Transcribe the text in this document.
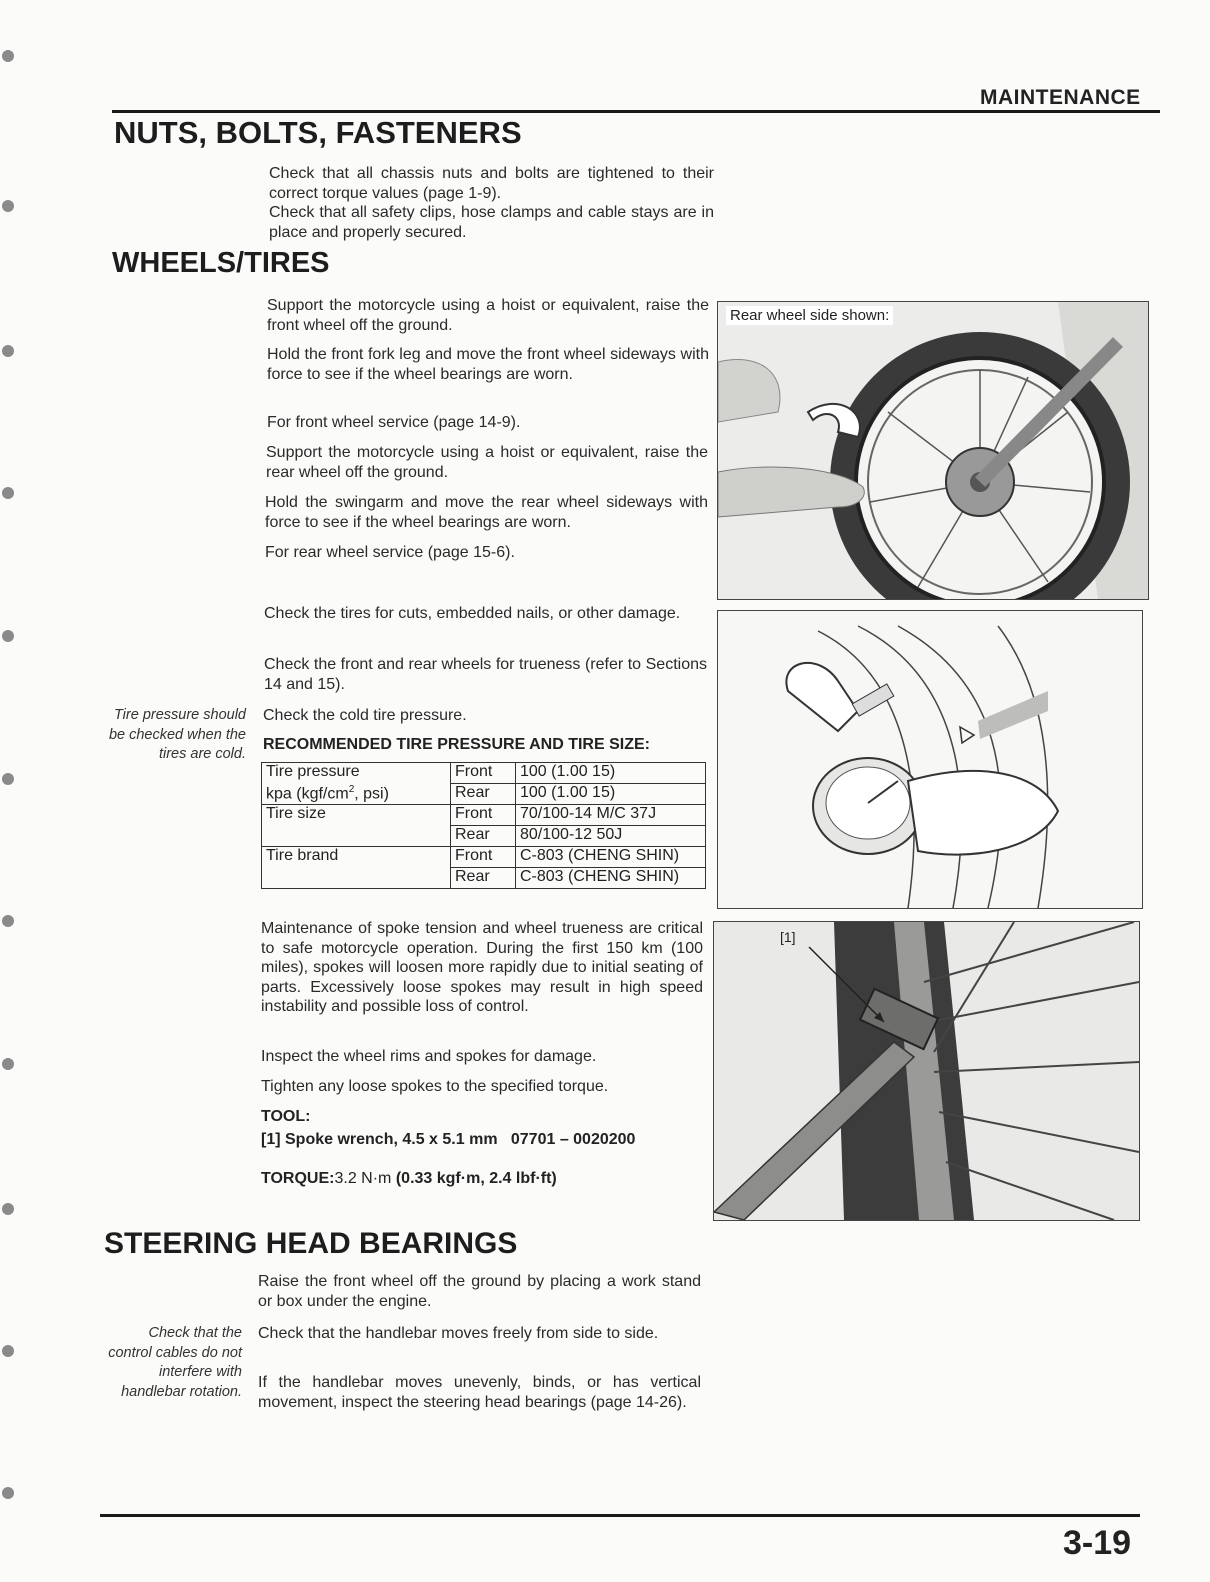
MAINTENANCE
NUTS, BOLTS, FASTENERS
Check that all chassis nuts and bolts are tightened to their correct torque values (page 1-9).
Check that all safety clips, hose clamps and cable stays are in place and properly secured.
WHEELS/TIRES
Support the motorcycle using a hoist or equivalent, raise the front wheel off the ground.
Hold the front fork leg and move the front wheel sideways with force to see if the wheel bearings are worn.
For front wheel service (page 14-9).
Support the motorcycle using a hoist or equivalent, raise the rear wheel off the ground.
Hold the swingarm and move the rear wheel sideways with force to see if the wheel bearings are worn.
For rear wheel service (page 15-6).
Check the tires for cuts, embedded nails, or other damage.
Check the front and rear wheels for trueness (refer to Sections 14 and 15).
Check the cold tire pressure.
Tire pressure should be checked when the tires are cold.
RECOMMENDED TIRE PRESSURE AND TIRE SIZE:
Tire pressure	Front	100 (1.00 15)
kpa ($kgf/cm^2$, psi)	Rear	100 (1.00 15)
Tire size	Front	70/100-14 M/C 37J
	Rear	80/100-12 50J
Tire brand	Front	C-803 (CHENG SHIN)
	Rear	C-803 (CHENG SHIN)
Maintenance of spoke tension and wheel trueness are critical to safe motorcycle operation. During the first 150 km (100 miles), spokes will loosen more rapidly due to initial seating of parts. Excessively loose spokes may result in high speed instability and possible loss of control.
Inspect the wheel rims and spokes for damage.
Tighten any loose spokes to the specified torque.
TOOL:
[1] Spoke wrench, 4.5 x 5.1 mm   07701 – 0020200
TORQUE:3.2 N·m (0.33 kgf·m, 2.4 lbf·ft)
Rear wheel side shown:
[1]
STEERING HEAD BEARINGS
Raise the front wheel off the ground by placing a work stand or box under the engine.
Check that the control cables do not interfere with handlebar rotation.
Check that the handlebar moves freely from side to side.
If the handlebar moves unevenly, binds, or has vertical movement, inspect the steering head bearings (page 14-26).
3-19
